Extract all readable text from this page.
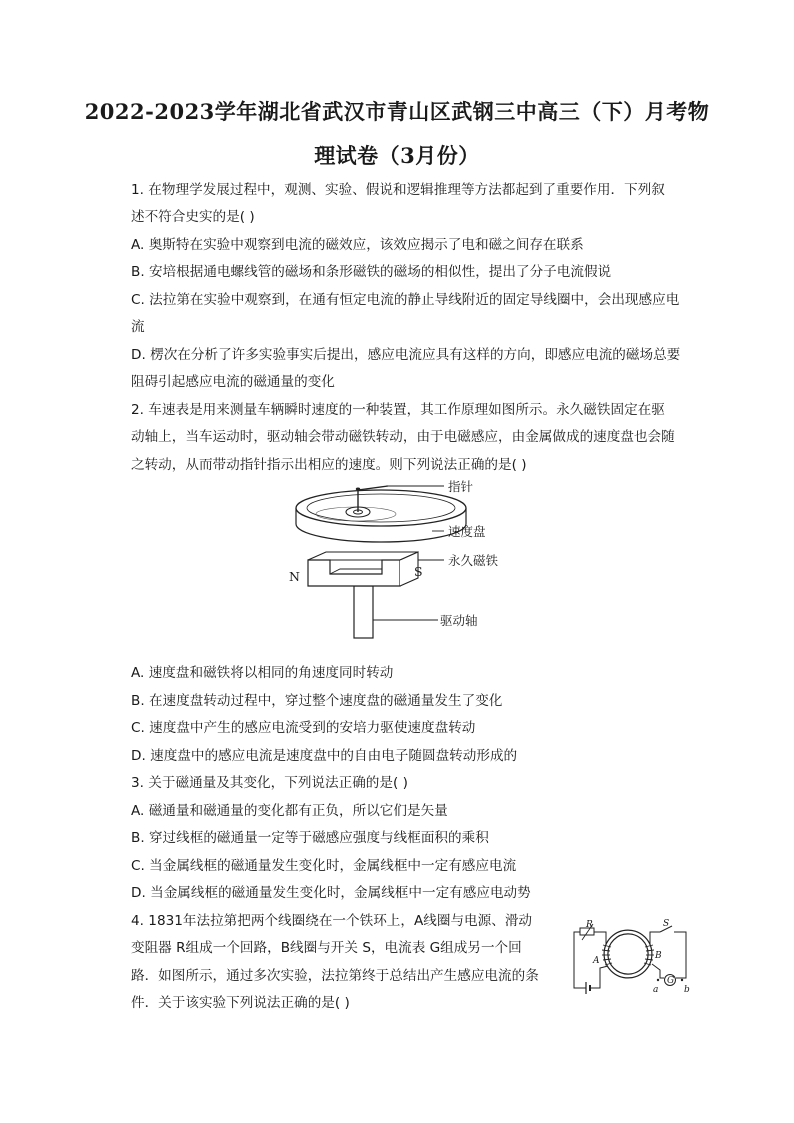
2022-2023学年湖北省武汉市青山区武钢三中高三（下）月考物
理试卷（3月份）
1. 在物理学发展过程中，观测、实验、假说和逻辑推理等方法都起到了重要作用．下列叙
述不符合史实的是( )
A. 奥斯特在实验中观察到电流的磁效应，该效应揭示了电和磁之间存在联系
B. 安培根据通电螺线管的磁场和条形磁铁的磁场的相似性，提出了分子电流假说
C. 法拉第在实验中观察到，在通有恒定电流的静止导线附近的固定导线圈中，会出现感应电
流
D. 楞次在分析了许多实验事实后提出，感应电流应具有这样的方向，即感应电流的磁场总要
阻碍引起感应电流的磁通量的变化
2. 车速表是用来测量车辆瞬时速度的一种装置，其工作原理如图所示。永久磁铁固定在驱
动轴上，当车运动时，驱动轴会带动磁铁转动，由于电磁感应，由金属做成的速度盘也会随
之转动，从而带动指针指示出相应的速度。则下列说法正确的是( )
指针
速度盘
永久磁铁
驱动轴
N	S
A. 速度盘和磁铁将以相同的角速度同时转动
B. 在速度盘转动过程中，穿过整个速度盘的磁通量发生了变化
C. 速度盘中产生的感应电流受到的安培力驱使速度盘转动
D. 速度盘中的感应电流是速度盘中的自由电子随圆盘转动形成的
3. 关于磁通量及其变化，下列说法正确的是( )
A. 磁通量和磁通量的变化都有正负，所以它们是矢量
B. 穿过线框的磁通量一定等于磁感应强度与线框面积的乘积
C. 当金属线框的磁通量发生变化时，金属线框中一定有感应电流
D. 当金属线框的磁通量发生变化时，金属线框中一定有感应电动势
4. 1831年法拉第把两个线圈绕在一个铁环上，A线圈与电源、滑动
变阻器 R组成一个回路，B线圈与开关 S，电流表 G组成另一个回
路．如图所示，通过多次实验，法拉第终于总结出产生感应电流的条
件．关于该实验下列说法正确的是( )
R	S
A	B
a	b
G
